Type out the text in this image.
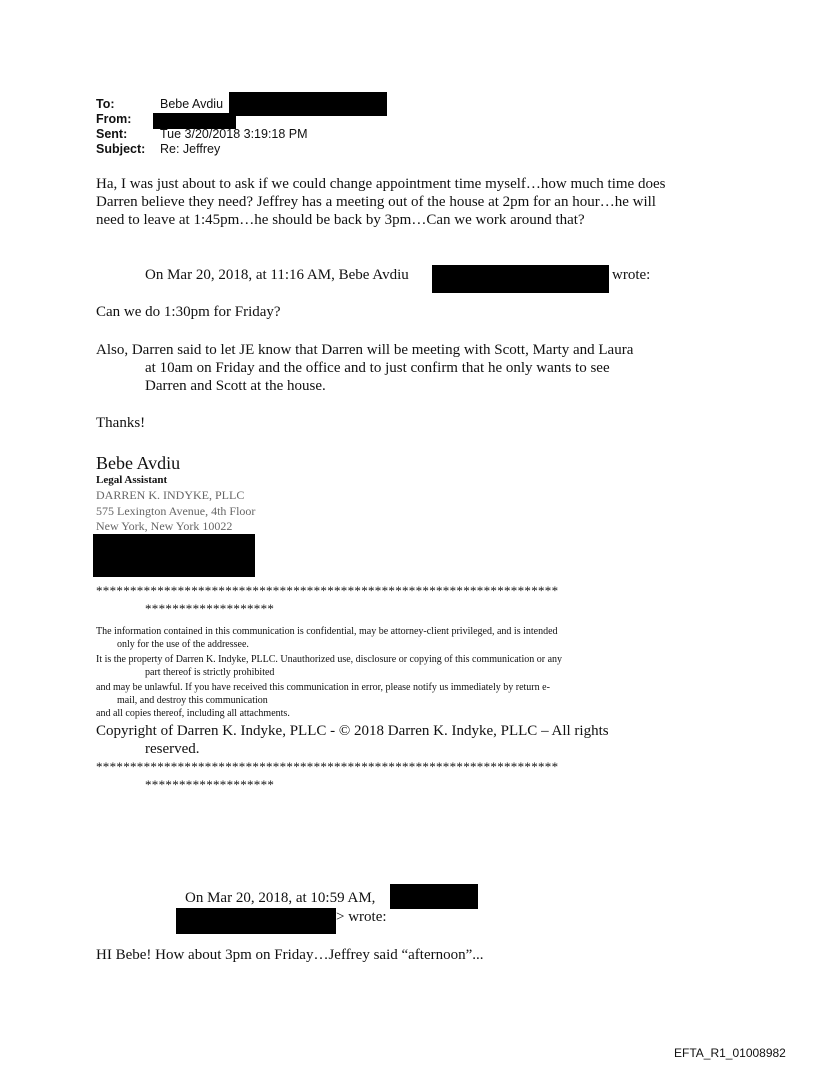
To:	Bebe Avdiu
From:
Sent:	Tue 3/20/2018 3:19:18 PM
Subject: Re: Jeffrey
Ha, I was just about to ask if we could change appointment time myself…how much time does
Darren believe they need? Jeffrey has a meeting out of the house at 2pm for an hour…he will
need to leave at 1:45pm…he should be back by 3pm…Can we work around that?
On Mar 20, 2018, at 11:16 AM, Bebe Avdiu	wrote:
Can we do 1:30pm for Friday?
Also, Darren said to let JE know that Darren will be meeting with Scott, Marty and Laura
at 10am on Friday and the office and to just confirm that he only wants to see
Darren and Scott at the house.
Thanks!
Bebe Avdiu
Legal Assistant
DARREN K. INDYKE, PLLC
575 Lexington Avenue, 4th Floor
New York, New York 10022
********************************************************************
*******************
The information contained in this communication is confidential, may be attorney-client privileged, and is intended
only for the use of the addressee.
It is the property of Darren K. Indyke, PLLC. Unauthorized use, disclosure or copying of this communication or any
part thereof is strictly prohibited
and may be unlawful. If you have received this communication in error, please notify us immediately by return e-
mail, and destroy this communication
and all copies thereof, including all attachments.
Copyright of Darren K. Indyke, PLLC - © 2018 Darren K. Indyke, PLLC – All rights
reserved.
********************************************************************
*******************
On Mar 20, 2018, at 10:59 AM,
> wrote:
HI Bebe! How about 3pm on Friday…Jeffrey said “afternoon”...
EFTA_R1_01008982
